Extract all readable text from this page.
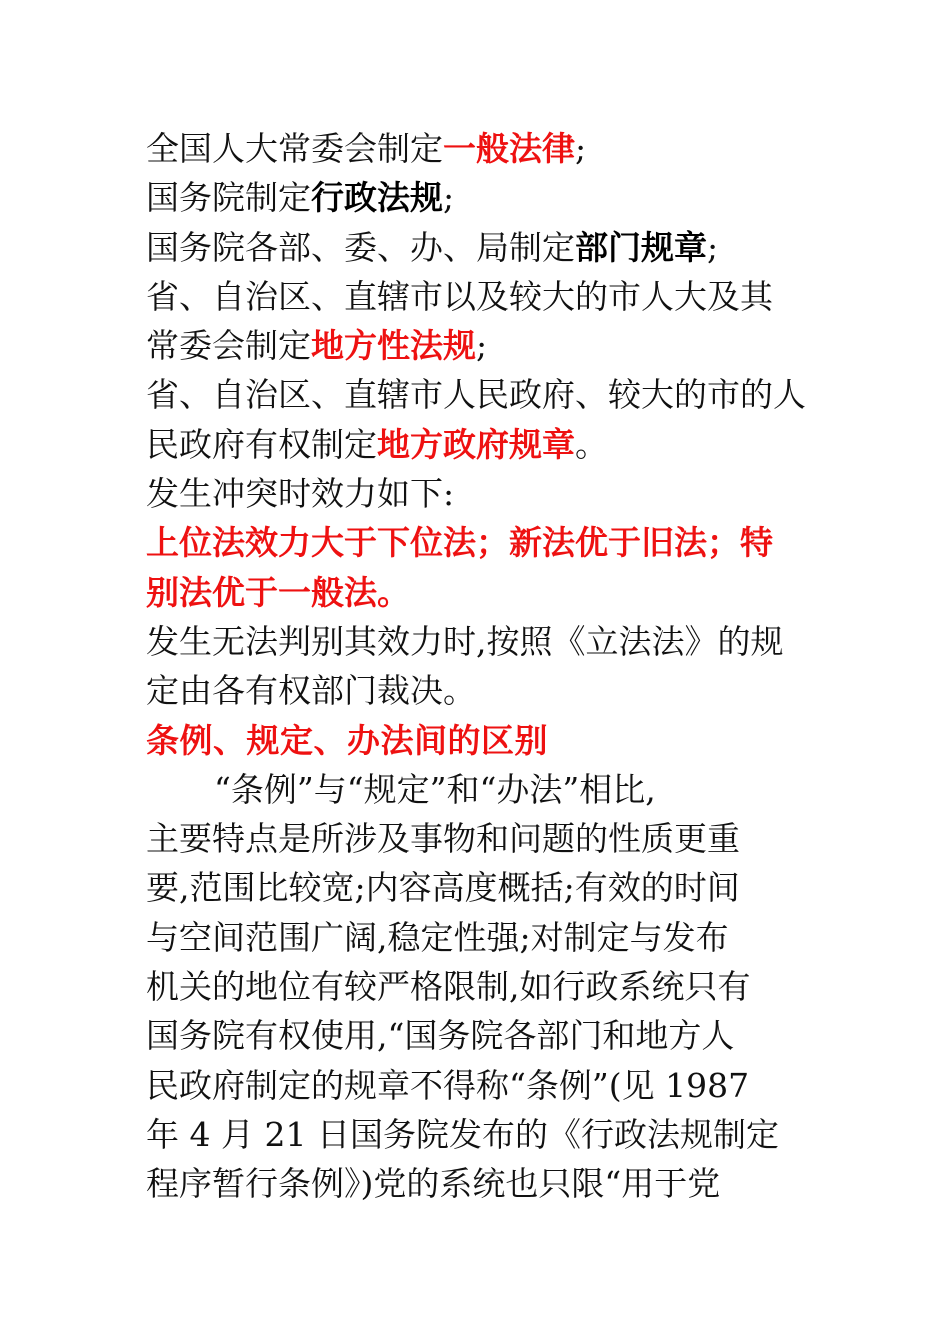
全国人大常委会制定一般法律;
国务院制定行政法规;
国务院各部、委、办、局制定部门规章;
省、自治区、直辖市以及较大的市人大及其
常委会制定地方性法规;
省、自治区、直辖市人民政府、较大的市的人
民政府有权制定地方政府规章。
发生冲突时效力如下:
上位法效力大于下位法；新法优于旧法；特
别法优于一般法。
发生无法判别其效力时,按照《立法法》的规
定由各有权部门裁决。
条例、规定、办法间的区别
“条例”与“规定”和“办法”相比,
主要特点是所涉及事物和问题的性质更重
要,范围比较宽;内容高度概括;有效的时间
与空间范围广阔,稳定性强;对制定与发布
机关的地位有较严格限制,如行政系统只有
国务院有权使用,“国务院各部门和地方人
民政府制定的规章不得称“条例”(见 1987
年 4 月 21 日国务院发布的《行政法规制定
程序暂行条例》)党的系统也只限“用于党
